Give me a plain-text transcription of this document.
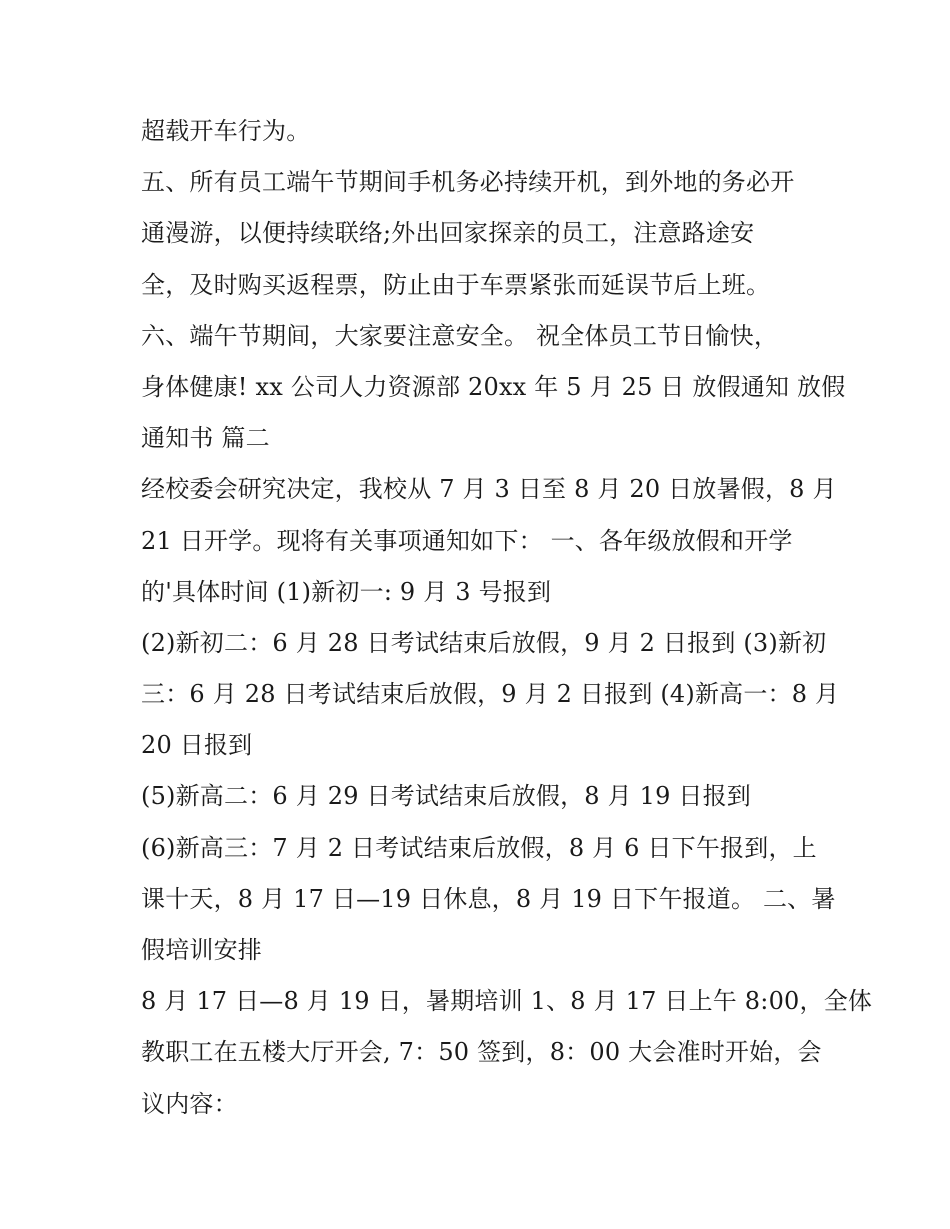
超载开车行为。
五、所有员工端午节期间手机务必持续开机，到外地的务必开
通漫游，以便持续联络;外出回家探亲的员工，注意路途安
全，及时购买返程票，防止由于车票紧张而延误节后上班。
六、端午节期间，大家要注意安全。 祝全体员工节日愉快，
身体健康! xx 公司人力资源部 20xx 年 5 月 25 日 放假通知 放假
通知书 篇二
经校委会研究决定，我校从 7 月 3 日至 8 月 20 日放暑假，8 月
21 日开学。现将有关事项通知如下： 一、各年级放假和开学
的'具体时间 (1)新初一: 9 月 3 号报到
(2)新初二：6 月 28 日考试结束后放假，9 月 2 日报到 (3)新初
三：6 月 28 日考试结束后放假，9 月 2 日报到 (4)新高一：8 月
20 日报到
(5)新高二：6 月 29 日考试结束后放假，8 月 19 日报到
(6)新高三：7 月 2 日考试结束后放假，8 月 6 日下午报到，上
课十天，8 月 17 日—19 日休息，8 月 19 日下午报道。 二、暑
假培训安排
8 月 17 日—8 月 19 日，暑期培训 1、8 月 17 日上午 8:00，全体
教职工在五楼大厅开会, 7：50 签到，8：00 大会准时开始，会
议内容：
